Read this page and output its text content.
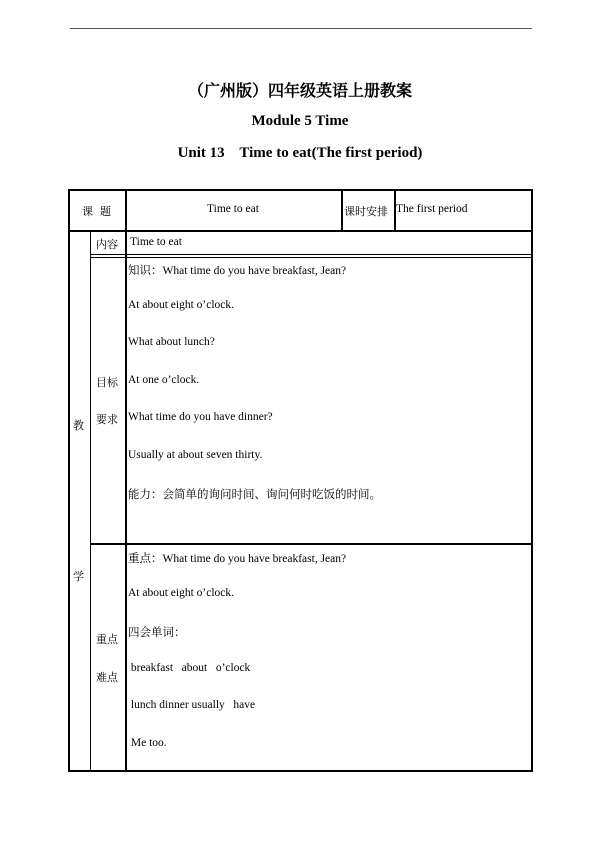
（广州版）四年级英语上册教案
Module 5 Time
Unit 13    Time to eat(The first period)
课  题	Time to eat	课时安排 The first period
教
学
内容 Time to eat
目标
要求
知识：What time do you have breakfast, Jean?
At about eight o’clock.
What about lunch?
At one o’clock.
What time do you have dinner?
Usually at about seven thirty.
能力：会简单的询问时间、询问何时吃饭的时间。
重点
难点
重点：What time do you have breakfast, Jean?
At about eight o’clock.
四会单词：
breakfast   about   o’clock
lunch dinner usually   have
Me too.
